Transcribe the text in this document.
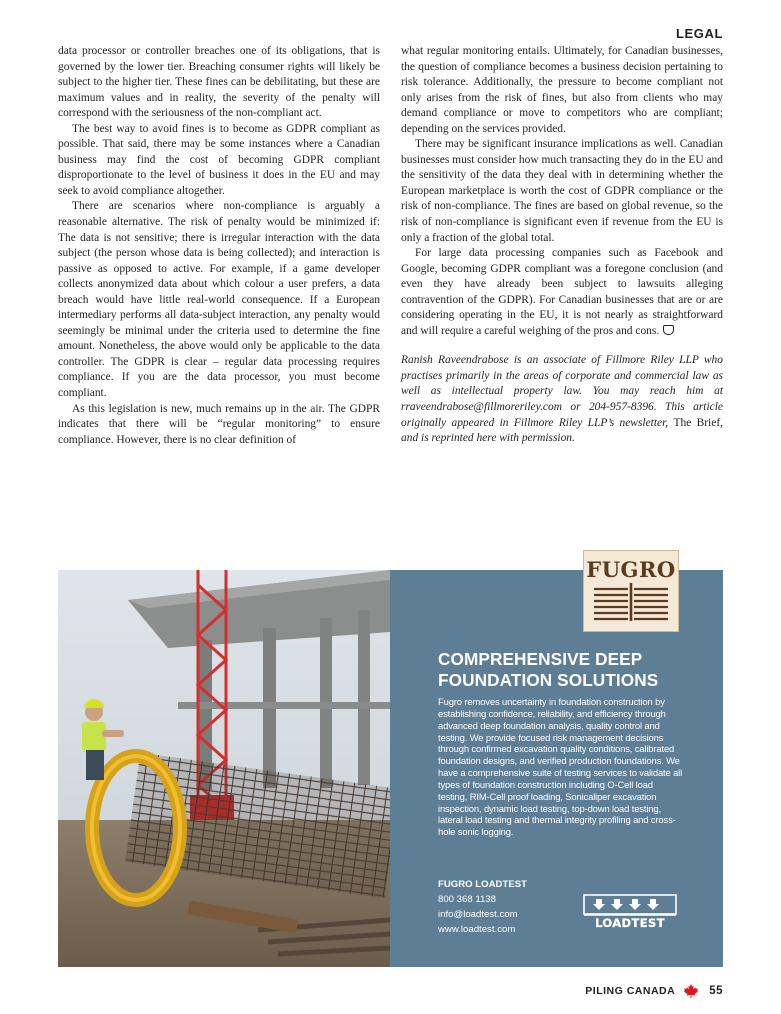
LEGAL

data processor or controller breaches one of its obligations, that is governed by the lower tier. Breaching consumer rights will likely be subject to the higher tier. These fines can be debilitating, but these are maximum values and in reality, the severity of the penalty will correspond with the seriousness of the non-compliant act.

The best way to avoid fines is to become as GDPR compliant as possible. That said, there may be some instances where a Canadian business may find the cost of becoming GDPR compliant disproportionate to the level of business it does in the EU and may seek to avoid compliance altogether.

There are scenarios where non-compliance is arguably a reasonable alternative. The risk of penalty would be minimized if: The data is not sensitive; there is irregular interaction with the data subject (the person whose data is being collected); and interaction is passive as opposed to active. For example, if a game developer collects anonymized data about which colour a user prefers, a data breach would have little real-world consequence. If a European intermediary performs all data-subject interaction, any penalty would seemingly be minimal under the criteria used to determine the fine amount. Nonetheless, the above would only be applicable to the data controller. The GDPR is clear – regular data processing requires compliance. If you are the data processor, you must become compliant.

As this legislation is new, much remains up in the air. The GDPR indicates that there will be “regular monitoring” to ensure compliance. However, there is no clear definition of

what regular monitoring entails. Ultimately, for Canadian businesses, the question of compliance becomes a business decision pertaining to risk tolerance. Additionally, the pressure to become compliant not only arises from the risk of fines, but also from clients who may demand compliance or move to competitors who are compliant; depending on the services provided.

There may be significant insurance implications as well. Canadian businesses must consider how much transacting they do in the EU and the sensitivity of the data they deal with in determining whether the European marketplace is worth the cost of GDPR compliance or the risk of non-compliance. The fines are based on global revenue, so the risk of non-compliance is significant even if revenue from the EU is only a fraction of the global total.

For large data processing companies such as Facebook and Google, becoming GDPR compliant was a foregone conclusion (and even they have already been subject to lawsuits alleging contravention of the GDPR). For Canadian businesses that are or are considering operating in the EU, it is not nearly as straightforward and will require a careful weighing of the pros and cons.

Ranish Raveendrabose is an associate of Fillmore Riley LLP who practises primarily in the areas of corporate and commercial law as well as intellectual property law. You may reach him at rraveendrabose@fillmoreriley.com or 204-957-8396. This article originally appeared in Fillmore Riley LLP’s newsletter, The Brief, and is reprinted here with permission.

FUGRO
COMPREHENSIVE DEEP FOUNDATION SOLUTIONS
Fugro removes uncertainty in foundation construction by establishing confidence, reliability, and efficiency through advanced deep foundation analysis, quality control and testing. We provide focused risk management decisions through confirmed excavation quality conditions, calibrated foundation designs, and verified production foundations. We have a comprehensive suite of testing services to validate all types of foundation construction including O-Cell load testing, RIM-Cell proof loading, Sonicaliper excavation inspection, dynamic load testing, top-down load testing, lateral load testing and thermal integrity profiling and cross-hole sonic logging.
FUGRO LOADTEST
800 368 1138
info@loadtest.com
www.loadtest.com	LOADTEST
PILING CANADA	55
